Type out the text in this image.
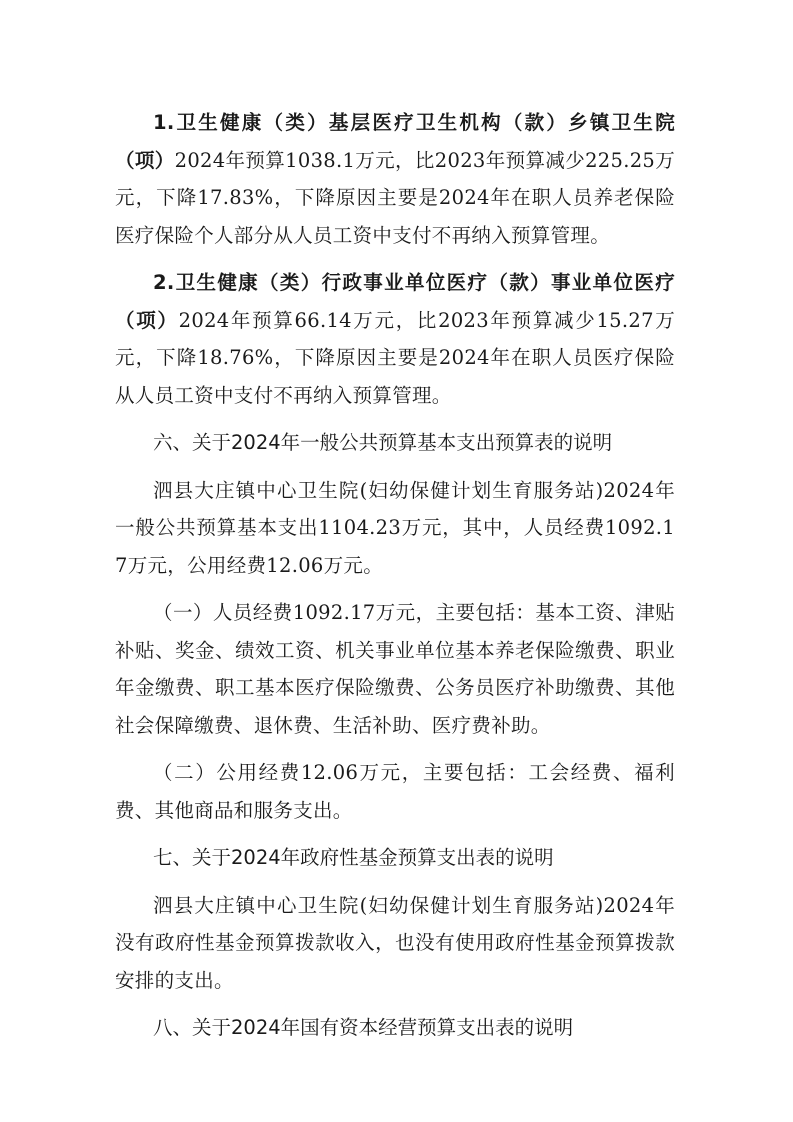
1.卫生健康（类）基层医疗卫生机构（款）乡镇卫生院（项）2024年预算1038.1万元，比2023年预算减少225.25万元，下降17.83%，下降原因主要是2024年在职人员养老保险医疗保险个人部分从人员工资中支付不再纳入预算管理。

2.卫生健康（类）行政事业单位医疗（款）事业单位医疗（项）2024年预算66.14万元，比2023年预算减少15.27万元，下降18.76%，下降原因主要是2024年在职人员医疗保险从人员工资中支付不再纳入预算管理。

六、关于2024年一般公共预算基本支出预算表的说明

泗县大庄镇中心卫生院(妇幼保健计划生育服务站)2024年一般公共预算基本支出1104.23万元，其中，人员经费1092.17万元，公用经费12.06万元。

（一）人员经费1092.17万元，主要包括：基本工资、津贴补贴、奖金、绩效工资、机关事业单位基本养老保险缴费、职业年金缴费、职工基本医疗保险缴费、公务员医疗补助缴费、其他社会保障缴费、退休费、生活补助、医疗费补助。

（二）公用经费12.06万元，主要包括：工会经费、福利费、其他商品和服务支出。

七、关于2024年政府性基金预算支出表的说明

泗县大庄镇中心卫生院(妇幼保健计划生育服务站)2024年没有政府性基金预算拨款收入，也没有使用政府性基金预算拨款安排的支出。

八、关于2024年国有资本经营预算支出表的说明
